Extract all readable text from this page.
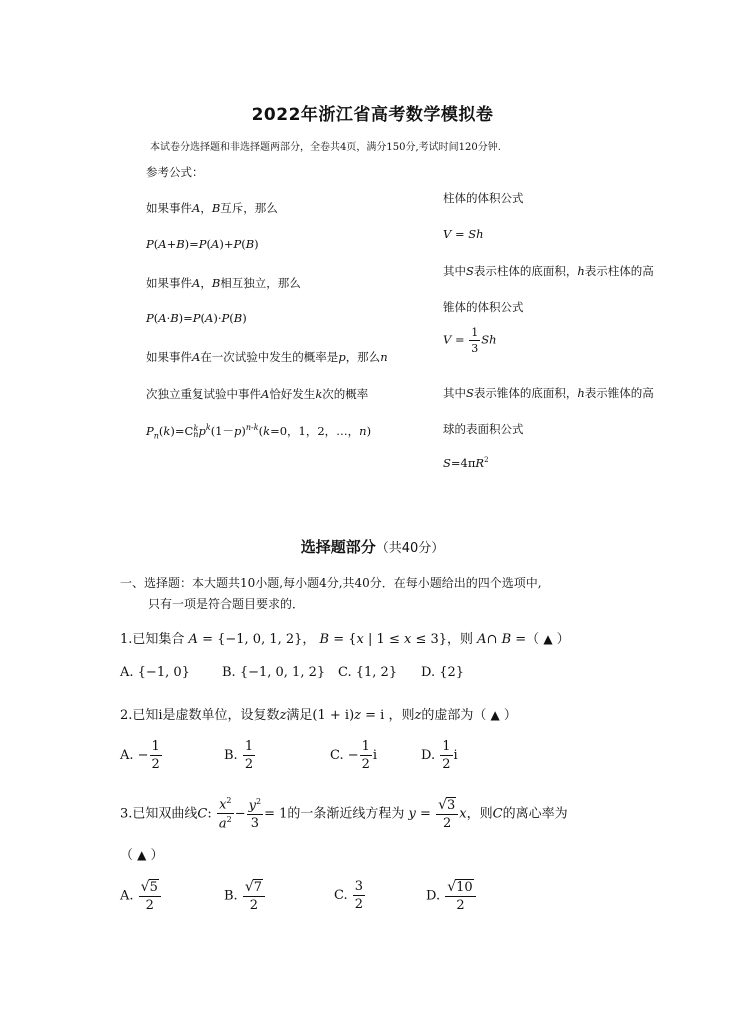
2022年浙江省高考数学模拟卷
本试卷分选择题和非选择题两部分，全卷共4页，满分150分,考试时间120分钟.
参考公式：
如果事件A，B互斥，那么
P(A+B)=P(A)+P(B)
如果事件A，B相互独立，那么
P(A·B)=P(A)·P(B)
如果事件A在一次试验中发生的概率是p，那么n
次独立重复试验中事件A恰好发生k次的概率
$P_n(k)=Ck$
$np^k(1-p)^{n-k}(k=0$，1，2，…，n)
柱体的体积公式
V = Sh
其中S表示柱体的底面积，h表示柱体的高
锥体的体积公式
$V = \frac{1}{3}$ Sh
其中S表示锥体的底面积，h表示锥体的高
球的表面积公式
$S=4\pi R^2$
选择题部分（共40分）
一、选择题：本大题共10小题,每小题4分,共40分．在每小题给出的四个选项中,
只有一项是符合题目要求的．
1.已知集合 A = {−1, 0, 1, 2}， B = {x | 1 ≤ x ≤ 3}，则 A∩ B =（ ▲ ）
A. {−1, 0} B. {−1, 0, 1, 2} C. {1, 2} D. {2}
2.已知i是虚数单位，设复数z满足(1 + i)z = i ，则z的虚部为（ ▲ ）
A. − $\frac{1}{2}$	B. $\frac{1}{2}$	C. − $\frac{1}{2}$ i	D. $\frac{1}{2}$ i
3.已知双曲线C: $\frac{x^2}{a^2} - \frac{y^2}{3} = 1$的一条渐近线方程为 $y = \frac{√3}{2}$ x，则C的离心率为
（ ▲ ）
A. $\frac{√5}{2}$	B. $\frac{√7}{2}$	C. $\frac{3}{2}$	D. $\frac{√10}{2}$
